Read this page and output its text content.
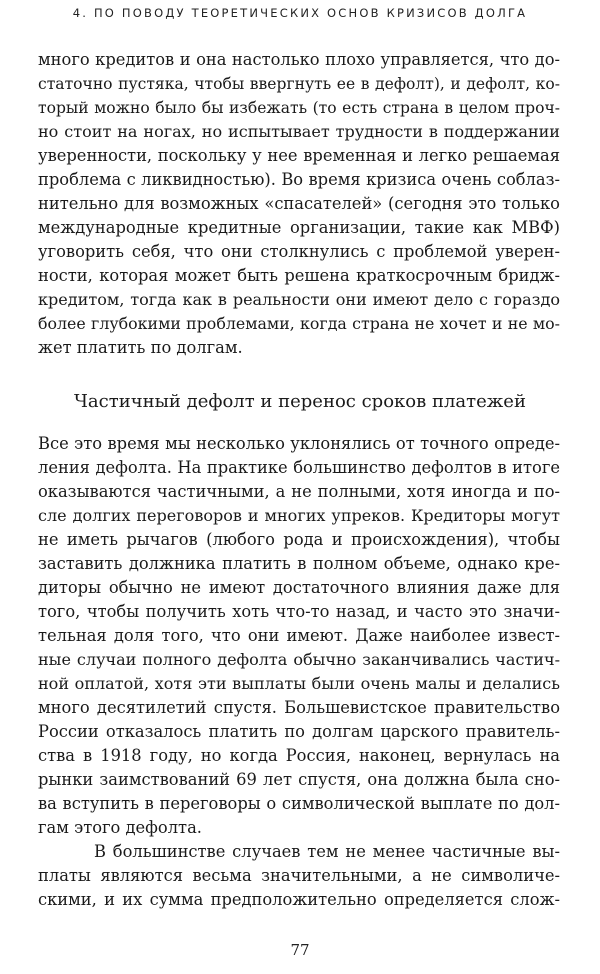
4. ПО ПОВОДУ ТЕОРЕТИЧЕСКИХ ОСНОВ КРИЗИСОВ ДОЛГА
много кредитов и она настолько плохо управляется, что до-
статочно пустяка, чтобы ввергнуть ее в дефолт), и дефолт, ко-
торый можно было бы избежать (то есть страна в целом проч-
но стоит на ногах, но испытывает трудности в поддержании
уверенности, поскольку у нее временная и легко решаемая
проблема с ликвидностью). Во время кризиса очень соблаз-
нительно для возможных «спасателей» (сегодня это только
международные кредитные организации, такие как МВФ)
уговорить себя, что они столкнулись с проблемой уверен-
ности, которая может быть решена краткосрочным бридж-
кредитом, тогда как в реальности они имеют дело с гораздо
более глубокими проблемами, когда страна не хочет и не мо-
жет платить по долгам.
Частичный дефолт и перенос сроков платежей
Все это время мы несколько уклонялись от точного опреде-
ления дефолта. На практике большинство дефолтов в итоге
оказываются частичными, а не полными, хотя иногда и по-
сле долгих переговоров и многих упреков. Кредиторы могут
не иметь рычагов (любого рода и происхождения), чтобы
заставить должника платить в полном объеме, однако кре-
диторы обычно не имеют достаточного влияния даже для
того, чтобы получить хоть что-то назад, и часто это значи-
тельная доля того, что они имеют. Даже наиболее извест-
ные случаи полного дефолта обычно заканчивались частич-
ной оплатой, хотя эти выплаты были очень малы и делались
много десятилетий спустя. Большевистское правительство
России отказалось платить по долгам царского правитель-
ства в 1918 году, но когда Россия, наконец, вернулась на
рынки заимствований 69 лет спустя, она должна была сно-
ва вступить в переговоры о символической выплате по дол-
гам этого дефолта.
В большинстве случаев тем не менее частичные вы-
платы являются весьма значительными, а не символиче-
скими, и их сумма предположительно определяется слож-
77
